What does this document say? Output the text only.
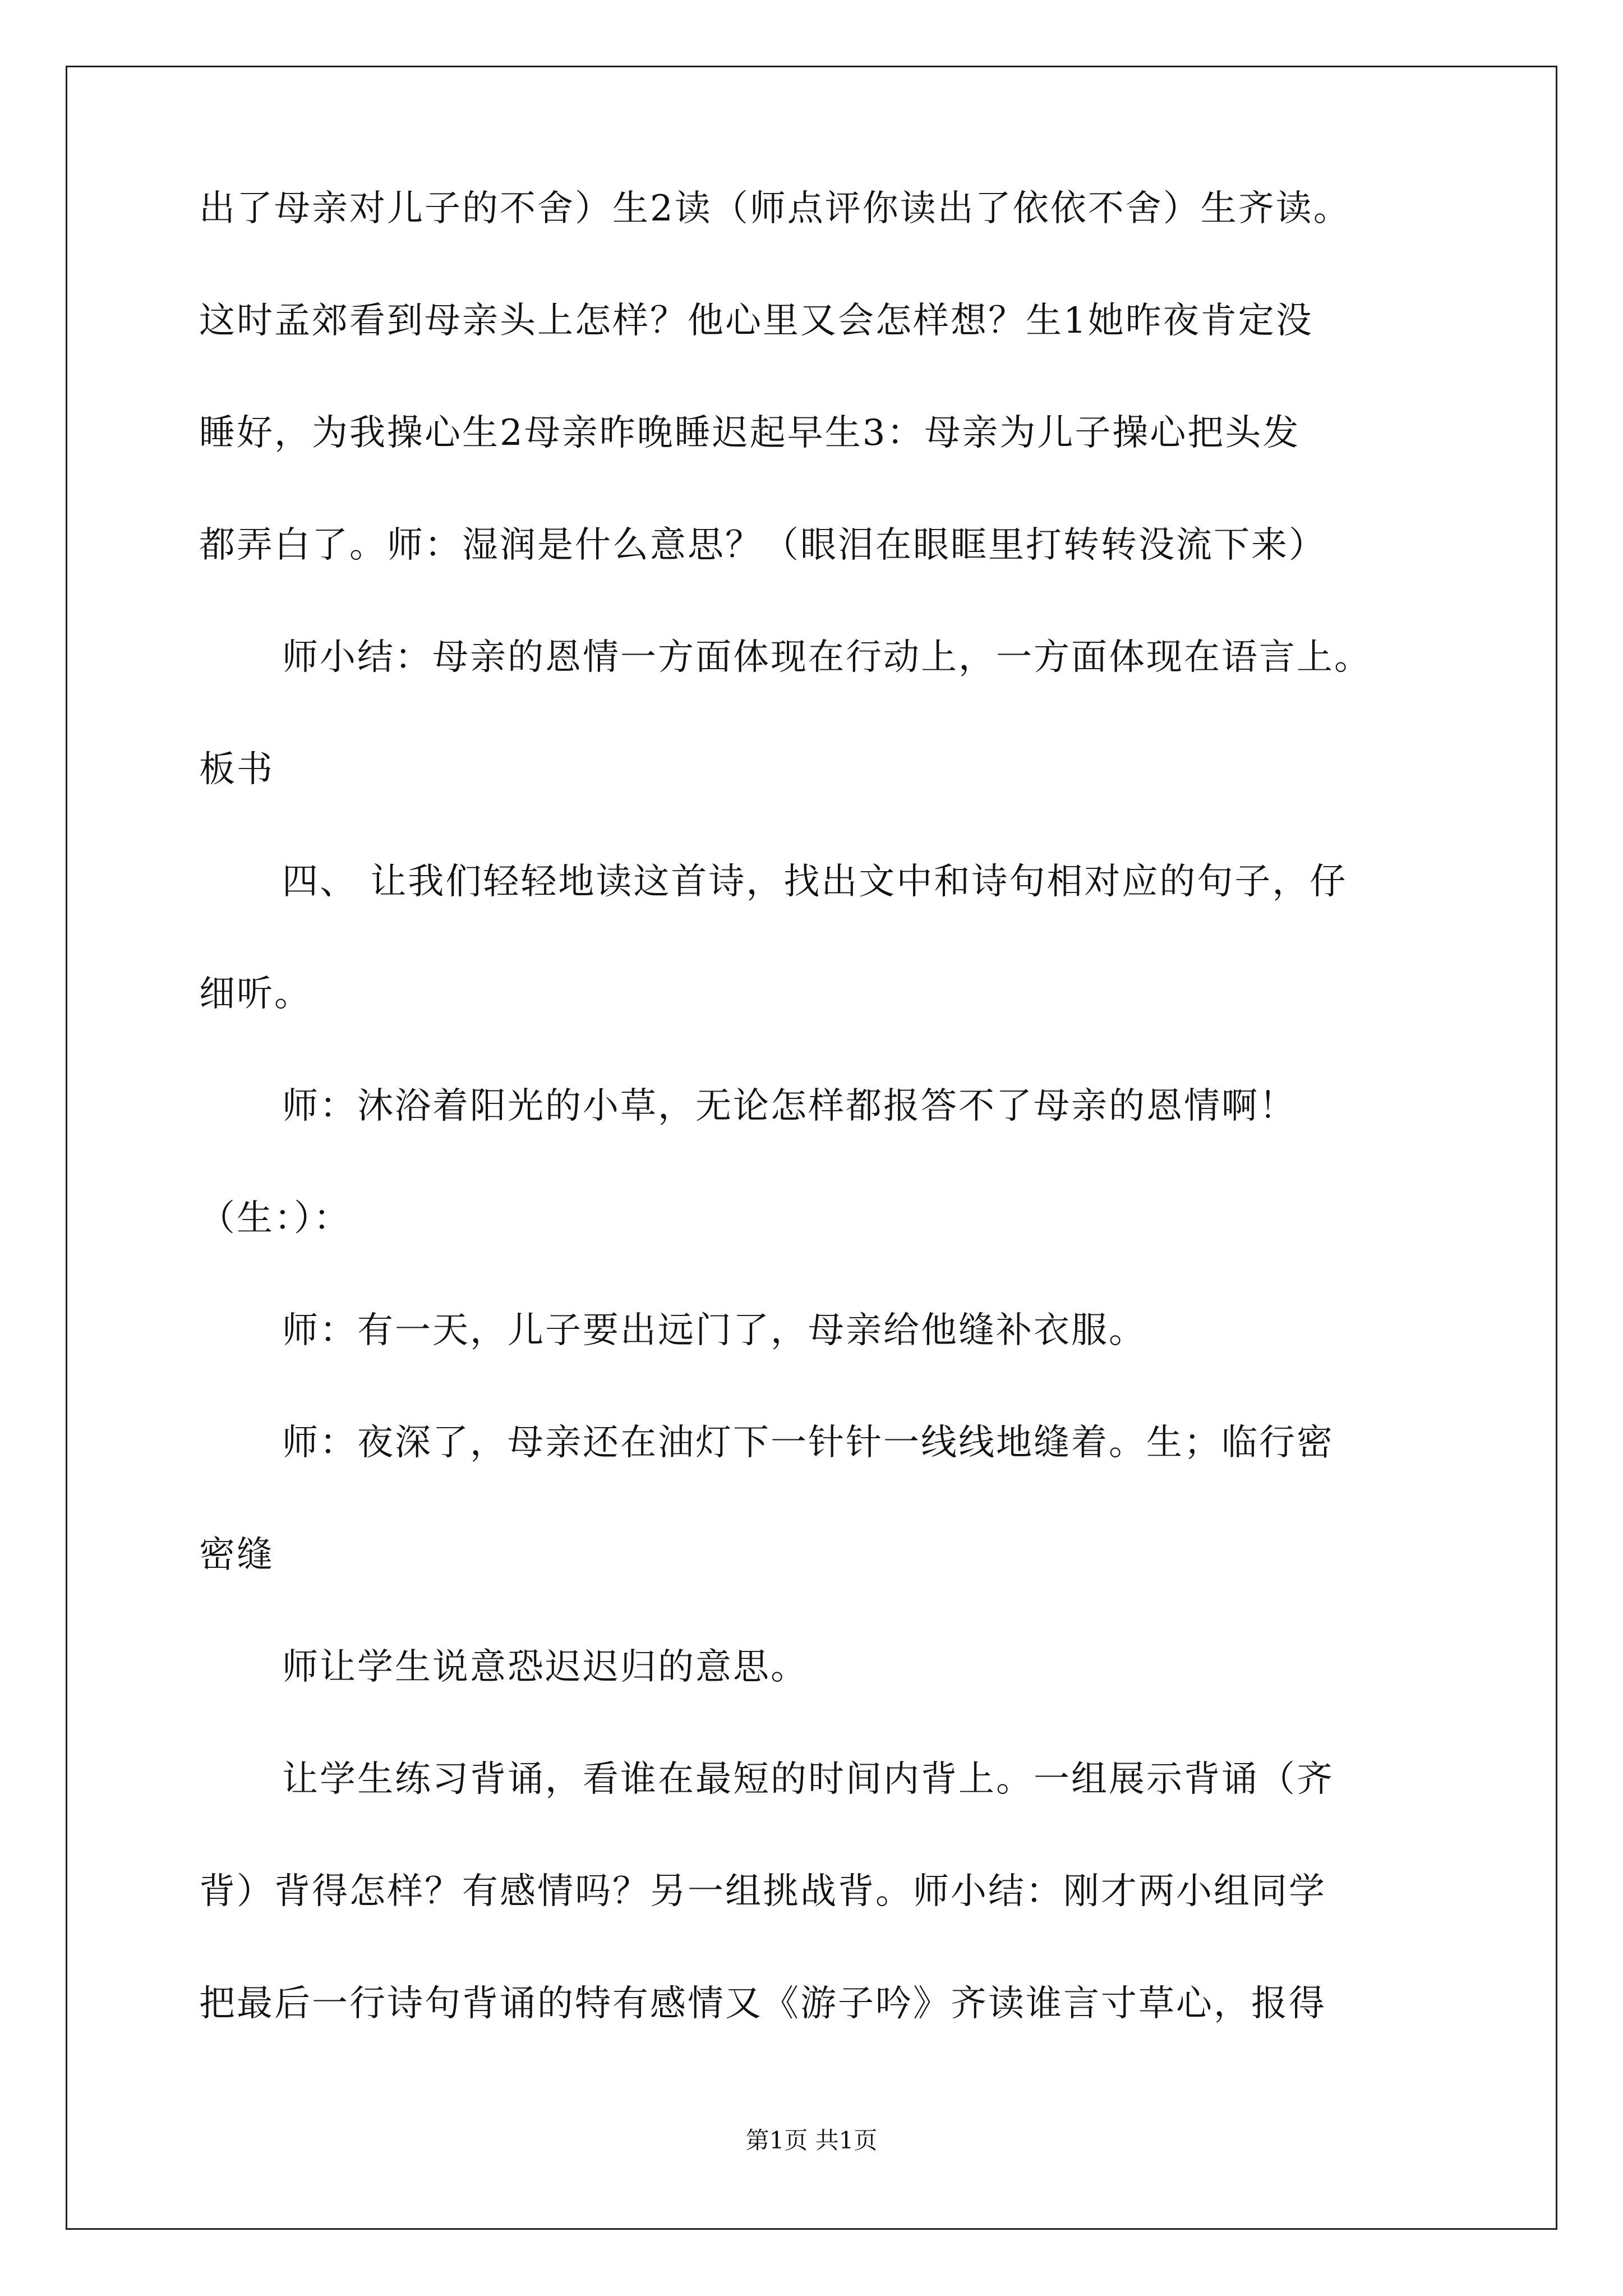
出了母亲对儿子的不舍）生2读（师点评你读出了依依不舍）生齐读。
这时孟郊看到母亲头上怎样？他心里又会怎样想？生1她昨夜肯定没
睡好，为我操心生2母亲昨晚睡迟起早生3：母亲为儿子操心把头发
都弄白了。师：湿润是什么意思？（眼泪在眼眶里打转转没流下来）
师小结：母亲的恩情一方面体现在行动上，一方面体现在语言上。
板书
四、 让我们轻轻地读这首诗，找出文中和诗句相对应的句子，仔
细听。
师：沐浴着阳光的小草，无论怎样都报答不了母亲的恩情啊！
（生：）：
师：有一天，儿子要出远门了，母亲给他缝补衣服。
师：夜深了，母亲还在油灯下一针针一线线地缝着。生；临行密
密缝
师让学生说意恐迟迟归的意思。
让学生练习背诵，看谁在最短的时间内背上。一组展示背诵（齐
背）背得怎样？有感情吗？另一组挑战背。师小结：刚才两小组同学
把最后一行诗句背诵的特有感情又《游子吟》齐读谁言寸草心，报得
第1页 共1页
